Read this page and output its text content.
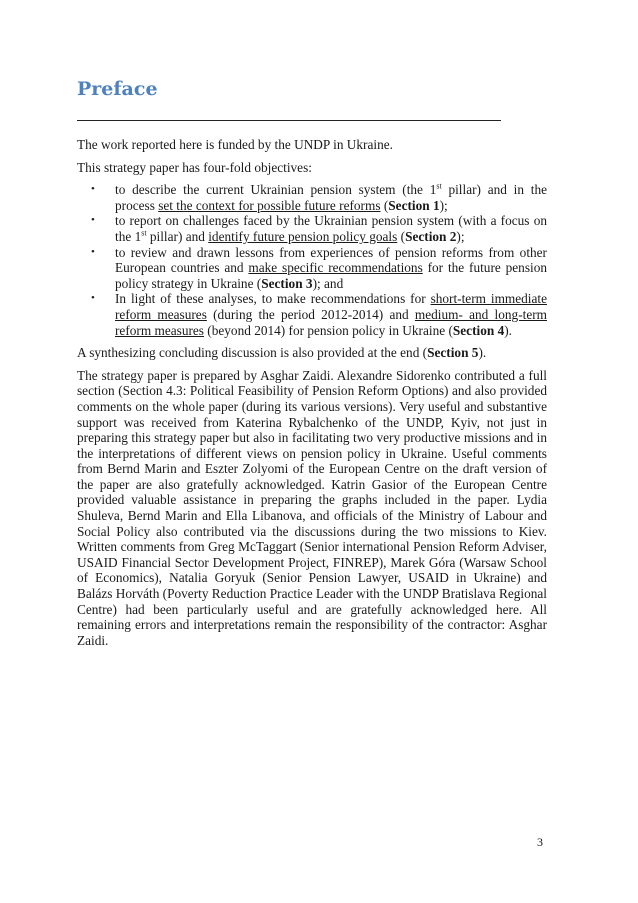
Preface

The work reported here is funded by the UNDP in Ukraine.

This strategy paper has four-fold objectives:

• to describe the current Ukrainian pension system (the 1st pillar) and in the process set the context for possible future reforms (Section 1);
• to report on challenges faced by the Ukrainian pension system (with a focus on the 1st pillar) and identify future pension policy goals (Section 2);
• to review and drawn lessons from experiences of pension reforms from other European countries and make specific recommendations for the future pension policy strategy in Ukraine (Section 3); and
• In light of these analyses, to make recommendations for short-term immediate reform measures (during the period 2012-2014) and medium- and long-term reform measures (beyond 2014) for pension policy in Ukraine (Section 4).

A synthesizing concluding discussion is also provided at the end (Section 5).

The strategy paper is prepared by Asghar Zaidi. Alexandre Sidorenko contributed a full section (Section 4.3: Political Feasibility of Pension Reform Options) and also provided comments on the whole paper (during its various versions). Very useful and substantive support was received from Katerina Rybalchenko of the UNDP, Kyiv, not just in preparing this strategy paper but also in facilitating two very productive missions and in the interpretations of different views on pension policy in Ukraine. Useful comments from Bernd Marin and Eszter Zolyomi of the European Centre on the draft version of the paper are also gratefully acknowledged. Katrin Gasior of the European Centre provided valuable assistance in preparing the graphs included in the paper. Lydia Shuleva, Bernd Marin and Ella Libanova, and officials of the Ministry of Labour and Social Policy also contributed via the discussions during the two missions to Kiev. Written comments from Greg McTaggart (Senior international Pension Reform Adviser, USAID Financial Sector Development Project, FINREP), Marek Góra (Warsaw School of Economics), Natalia Goryuk (Senior Pension Lawyer, USAID in Ukraine) and Balázs Horváth (Poverty Reduction Practice Leader with the UNDP Bratislava Regional Centre) had been particularly useful and are gratefully acknowledged here. All remaining errors and interpretations remain the responsibility of the contractor: Asghar Zaidi.

3
